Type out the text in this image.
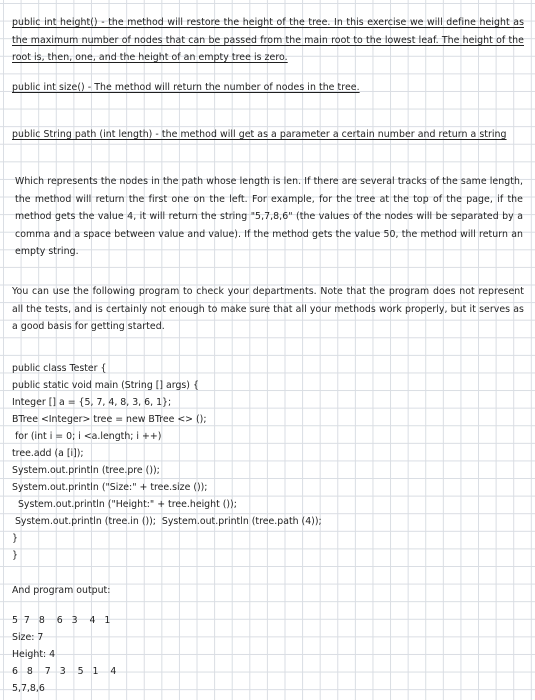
public int height() - the method will restore the height of the tree. In this exercise we will define height as the maximum number of nodes that can be passed from the main root to the lowest leaf. The height of the root is, then, one, and the height of an empty tree is zero.

public int size() - The method will return the number of nodes in the tree.

public String path (int length) - the method will get as a parameter a certain number and return a string

Which represents the nodes in the path whose length is len. If there are several tracks of the same length, the method will return the first one on the left. For example, for the tree at the top of the page, if the method gets the value 4, it will return the string "5,7,8,6" (the values of the nodes will be separated by a comma and a space between value and value). If the method gets the value 50, the method will return an empty string.

You can use the following program to check your departments. Note that the program does not represent all the tests, and is certainly not enough to make sure that all your methods work properly, but it serves as a good basis for getting started.

public class Tester {

public static void main (String [] args) {

Integer [] a = {5, 7, 4, 8, 3, 6, 1};

BTree <Integer> tree = new BTree <> ();

for (int i = 0; i <a.length; i ++)

tree.add (a [i]);

System.out.println (tree.pre ());

System.out.println ("Size:" + tree.size ());

System.out.println ("Height:" + tree.height ());

System.out.println (tree.in ());  System.out.println (tree.path (4));

}

}

And program output:

5  7   8    6   3    4   1

Size: 7

Height: 4

6   8    7   3    5   1    4

5,7,8,6
